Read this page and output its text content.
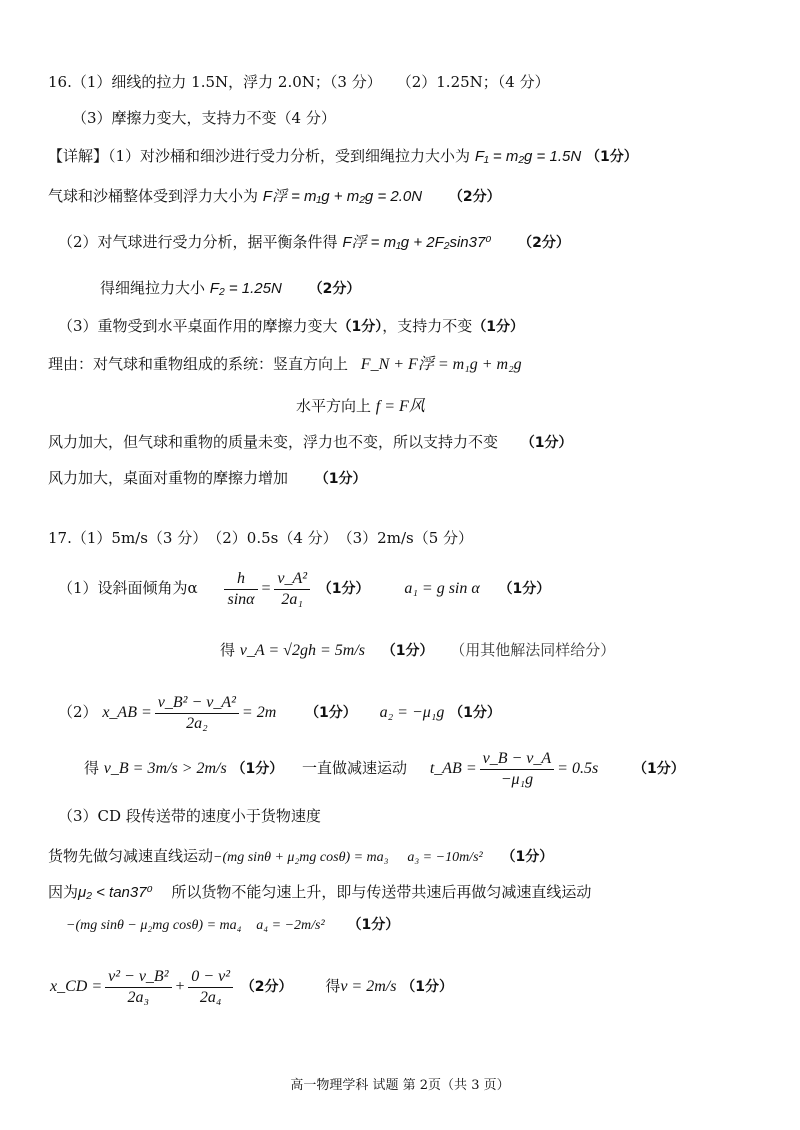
16.（1）细线的拉力 1.5N，浮力 2.0N；（3 分）　　（2）1.25N；（4 分）
（3）摩擦力变大，支持力不变（4 分）
【详解】（1）对沙桶和细沙进行受力分析，受到细绳拉力大小为 F₁ = m₂g = 1.5N （1分）
气球和沙桶整体受到浮力大小为 F浮 = m₁g + m₂g = 2.0N （2分）
（2）对气球进行受力分析，据平衡条件得 F浮 = m₁g + 2F₂sin37⁰ （2分）
得细绳拉力大小 F₂ = 1.25N （2分）
（3）重物受到水平桌面作用的摩擦力变大（1分），支持力不变（1分）
理由：对气球和重物组成的系统：竖直方向上 F_N + F浮 = m₁g + m₂g
水平方向上 f = F风
风力加大，但气球和重物的质量未变，浮力也不变，所以支持力不变 （1分）
风力加大，桌面对重物的摩擦力增加 （1分）
17.（1）5m/s（3 分）　（2）0.5s（4 分）　（3）2m/s（5 分）
（1）设斜面倾角为α $\frac{h}{\sin\alpha} = \frac{\text{v\_A²}}{\text{2a₁}} (1$分） a₁ = g sin α （1分）
得 v_A = √2gh = 5m/s （1分） （用其他解法同样给分）
（2） x_AB = $\frac{\text{v\_B² − v\_A²}}{\text{2a₂}} = 2m$ （1分） a₂ = −μ₁g （1分）
得 v_B = 3m/s > 2m/s （1分） 一直做减速运动 t_AB = $\frac{v\_B - v\_A}{\text{−μ₁g}} = 0.5s$ （1分）
（3）CD 段传送带的速度小于货物速度
货物先做匀减速直线运动−(mg sinθ + μ₂mg cosθ) = ma₃ a₃ = −10m/s² （1分）
因为μ₂ < tan37⁰ 所以货物不能匀速上升，即与传送带共速后再做匀减速直线运动
−(mg sinθ − μ₂mg cosθ) = ma₄ a₄ = −2m/s² （1分）
x_CD = $\frac{\text{v² − v\_B²}}{\text{2a₃}} + \frac{\text{0 − v²}}{\text{2a₄}} (2$分） 得v = 2m/s （1分）
高一物理学科 试题 第 2页（共 3 页）
